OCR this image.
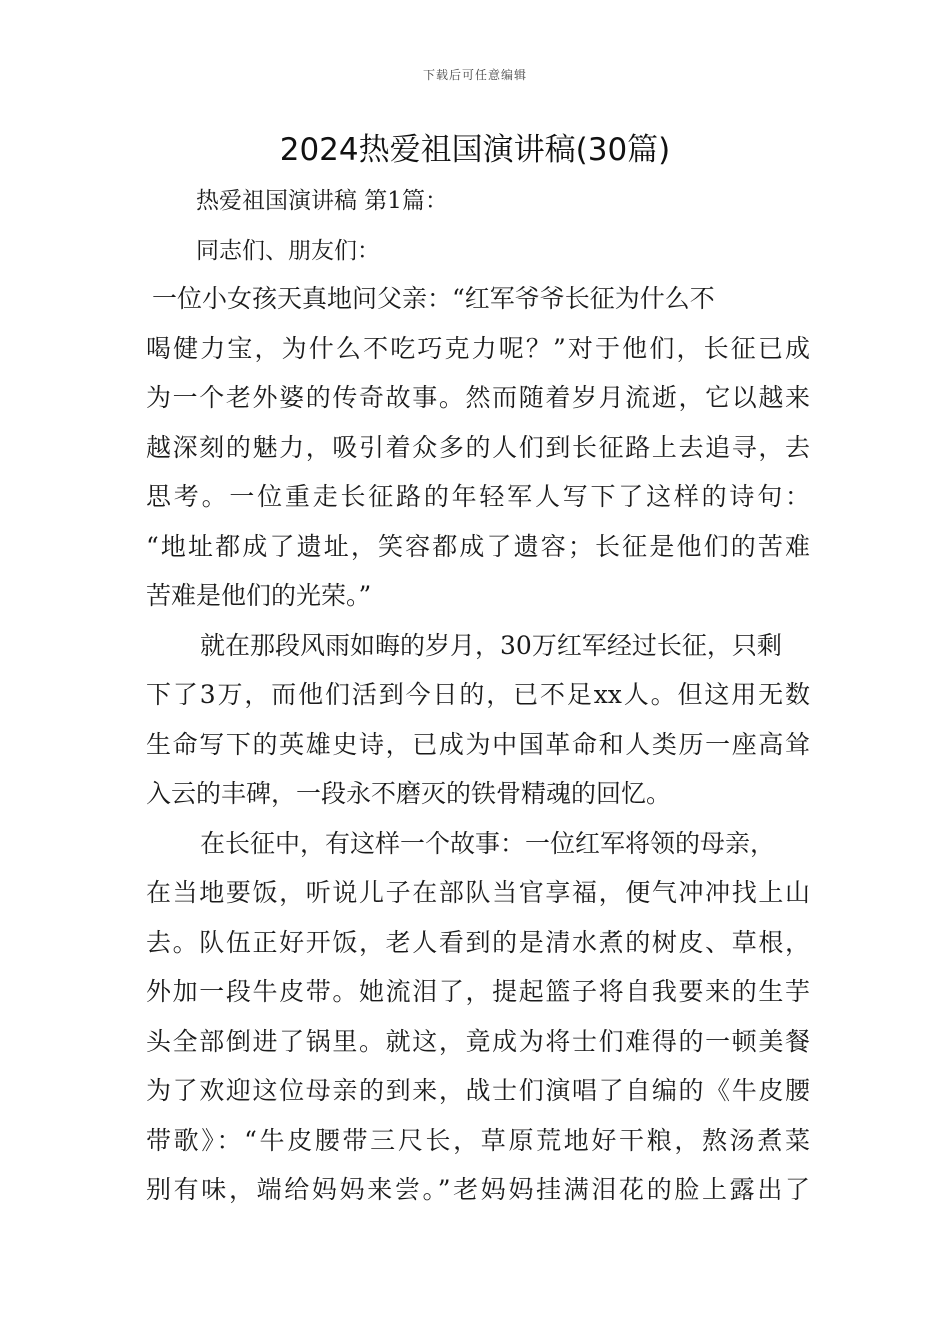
下载后可任意编辑
2024热爱祖国演讲稿(30篇)
热爱祖国演讲稿 第1篇：
同志们、朋友们：
一位小女孩天真地问父亲：“红军爷爷长征为什么不
喝健力宝，为什么不吃巧克力呢？”对于他们，长征已成
为一个老外婆的传奇故事。然而随着岁月流逝，它以越来
越深刻的魅力，吸引着众多的人们到长征路上去追寻，去
思考。一位重走长征路的年轻军人写下了这样的诗句：
“地址都成了遗址，笑容都成了遗容；长征是他们的苦难
苦难是他们的光荣。”
就在那段风雨如晦的岁月，30万红军经过长征，只剩
下了3万，而他们活到今日的，已不足xx人。但这用无数
生命写下的英雄史诗，已成为中国革命和人类历一座高耸
入云的丰碑，一段永不磨灭的铁骨精魂的回忆。
在长征中，有这样一个故事：一位红军将领的母亲，
在当地要饭，听说儿子在部队当官享福，便气冲冲找上山
去。队伍正好开饭，老人看到的是清水煮的树皮、草根，
外加一段牛皮带。她流泪了，提起篮子将自我要来的生芋
头全部倒进了锅里。就这，竟成为将士们难得的一顿美餐
为了欢迎这位母亲的到来，战士们演唱了自编的《牛皮腰
带歌》：“牛皮腰带三尺长，草原荒地好干粮，熬汤煮菜
别有味，端给妈妈来尝。”老妈妈挂满泪花的脸上露出了
